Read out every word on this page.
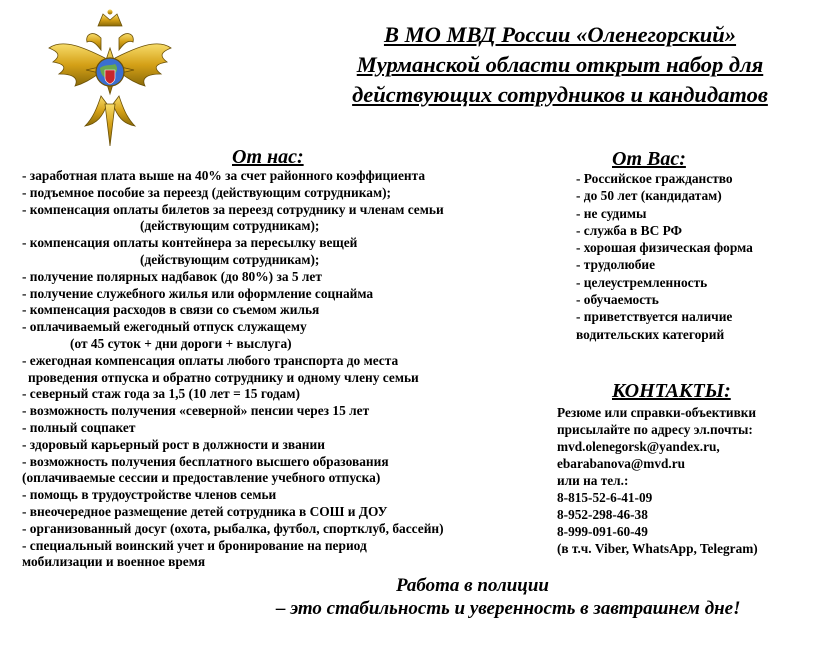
В МО МВД России «Оленегорский»
Мурманской области открыт набор для
действующих сотрудников и кандидатов
От нас:
- заработная плата выше на 40% за счет районного коэффициента
- подъемное пособие за переезд (действующим сотрудникам);
- компенсация оплаты билетов за переезд сотруднику и членам семьи
(действующим сотрудникам);
- компенсация оплаты контейнера за пересылку вещей
(действующим сотрудникам);
- получение полярных надбавок (до 80%) за 5 лет
- получение служебного жилья или оформление соцнайма
- компенсация расходов в связи со съемом жилья
- оплачиваемый ежегодный отпуск служащему
(от 45 суток + дни дороги + выслуга)
- ежегодная компенсация оплаты любого транспорта до места
проведения отпуска и обратно сотруднику и одному члену семьи
- северный стаж года за 1,5 (10 лет = 15 годам)
- возможность получения «северной» пенсии через 15 лет
- полный соцпакет
- здоровый карьерный рост в должности и звании
- возможность получения бесплатного высшего образования
(оплачиваемые сессии и предоставление учебного отпуска)
- помощь в трудоустройстве членов семьи
- внеочередное размещение детей сотрудника в СОШ и ДОУ
- организованный досуг (охота, рыбалка, футбол, спортклуб, бассейн)
- специальный воинский учет и бронирование на период
мобилизации и военное время
От Вас:
- Российское гражданство
- до 50 лет (кандидатам)
- не судимы
- служба в ВС РФ
- хорошая физическая форма
- трудолюбие
- целеустремленность
- обучаемость
- приветствуется наличие
водительских категорий
КОНТАКТЫ:
Резюме или справки-объективки
присылайте по адресу эл.почты:
mvd.olenegorsk@yandex.ru,
ebarabanova@mvd.ru
или на тел.:
8-815-52-6-41-09
8-952-298-46-38
8-999-091-60-49
(в т.ч. Viber, WhatsApp, Telegram)
Работа в полиции
– это стабильность и уверенность в завтрашнем дне!
